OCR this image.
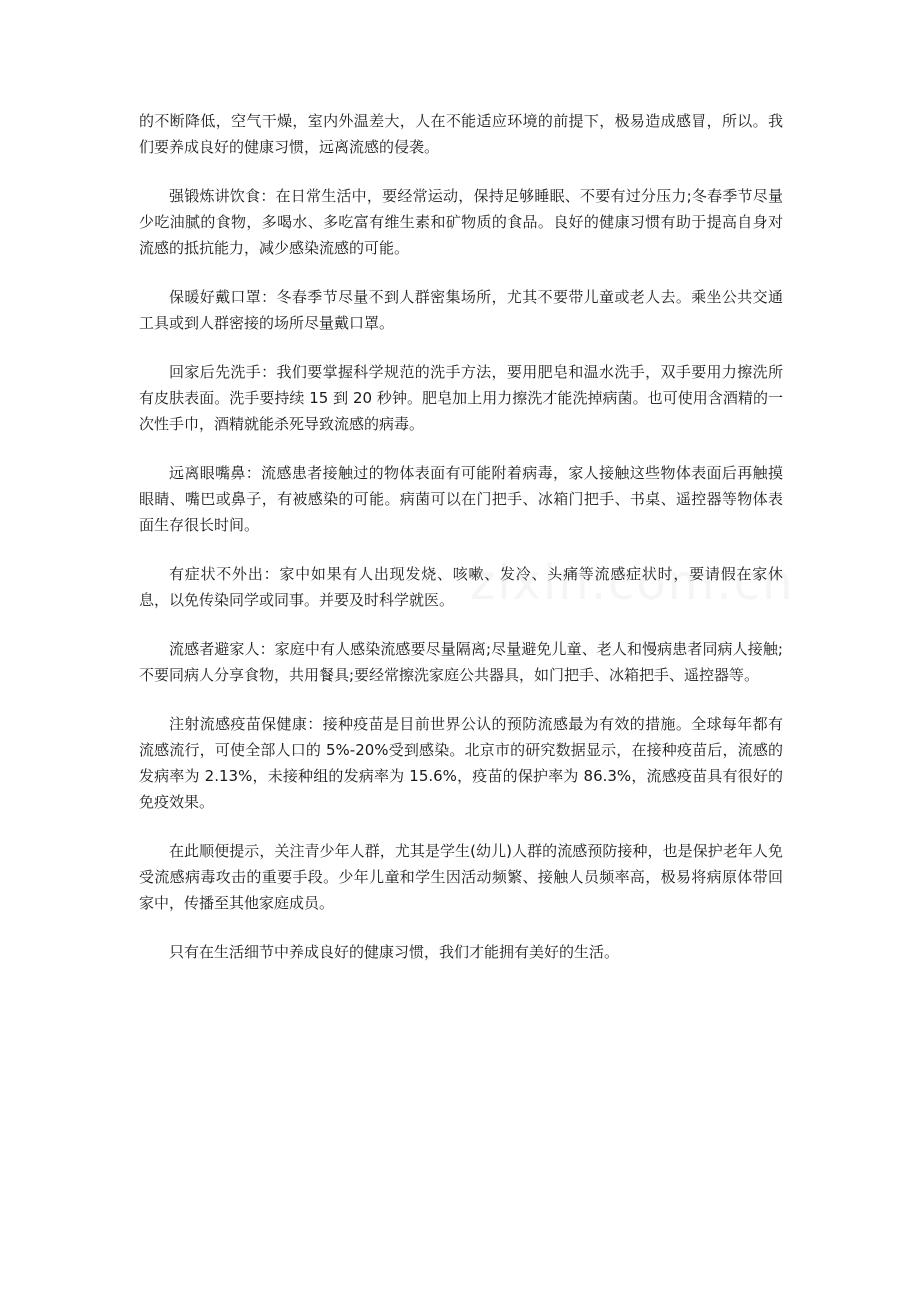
的不断降低，空气干燥，室内外温差大，人在不能适应环境的前提下，极易造成感冒，所以。我们要养成良好的健康习惯，远离流感的侵袭。

强锻炼讲饮食：在日常生活中，要经常运动，保持足够睡眠、不要有过分压力;冬春季节尽量少吃油腻的食物，多喝水、多吃富有维生素和矿物质的食品。良好的健康习惯有助于提高自身对流感的抵抗能力，减少感染流感的可能。

保暖好戴口罩：冬春季节尽量不到人群密集场所，尤其不要带儿童或老人去。乘坐公共交通工具或到人群密接的场所尽量戴口罩。

回家后先洗手：我们要掌握科学规范的洗手方法，要用肥皂和温水洗手，双手要用力擦洗所有皮肤表面。洗手要持续 15 到 20 秒钟。肥皂加上用力擦洗才能洗掉病菌。也可使用含酒精的一次性手巾，酒精就能杀死导致流感的病毒。

远离眼嘴鼻：流感患者接触过的物体表面有可能附着病毒，家人接触这些物体表面后再触摸眼睛、嘴巴或鼻子，有被感染的可能。病菌可以在门把手、冰箱门把手、书桌、遥控器等物体表面生存很长时间。

有症状不外出：家中如果有人出现发烧、咳嗽、发冷、头痛等流感症状时，要请假在家休息，以免传染同学或同事。并要及时科学就医。

流感者避家人：家庭中有人感染流感要尽量隔离;尽量避免儿童、老人和慢病患者同病人接触;不要同病人分享食物，共用餐具;要经常擦洗家庭公共器具，如门把手、冰箱把手、遥控器等。

注射流感疫苗保健康：接种疫苗是目前世界公认的预防流感最为有效的措施。全球每年都有流感流行，可使全部人口的 5%-20%受到感染。北京市的研究数据显示，在接种疫苗后，流感的发病率为 2.13%，未接种组的发病率为 15.6%，疫苗的保护率为 86.3%，流感疫苗具有很好的免疫效果。

在此顺便提示，关注青少年人群，尤其是学生(幼儿)人群的流感预防接种，也是保护老年人免受流感病毒攻击的重要手段。少年儿童和学生因活动频繁、接触人员频率高，极易将病原体带回家中，传播至其他家庭成员。

只有在生活细节中养成良好的健康习惯，我们才能拥有美好的生活。
